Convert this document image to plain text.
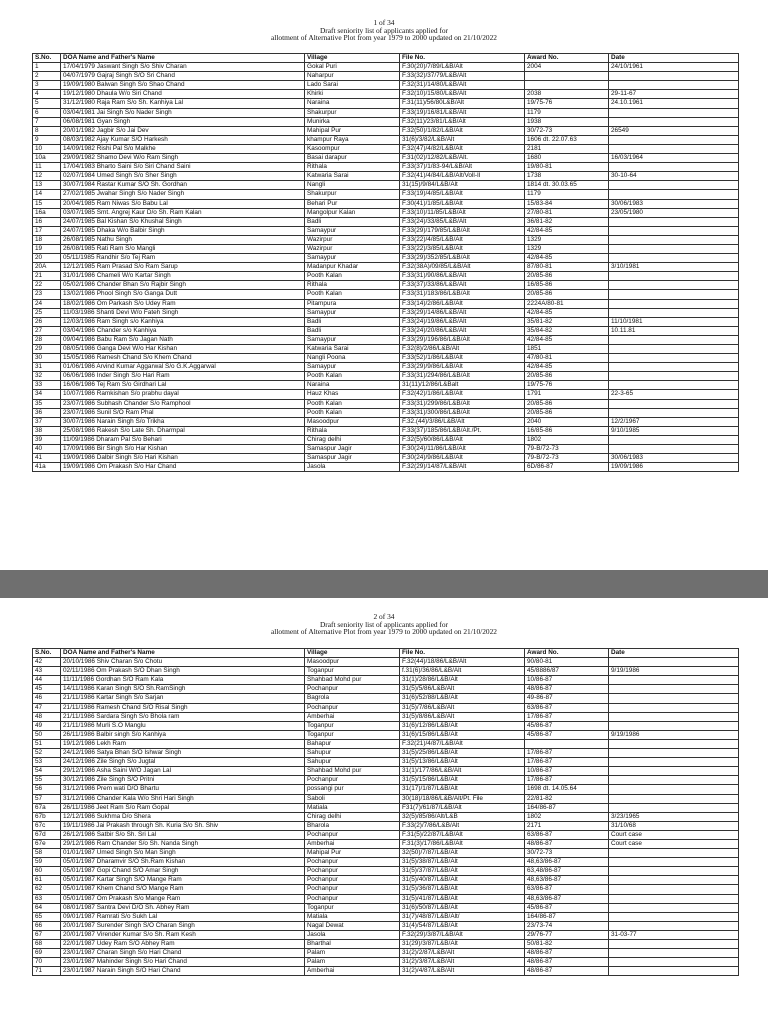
1 of 34
Draft seniority list of applicants applied for
allotment of Alternative Plot from year 1979 to 2000 updated on 21/10/2022
S.No.	DOA Name and Father's Name	Village	File No.	Award No.	Date
1	17/04/1979 Jaswant Singh S/o Shiv Charan	Gokal Puri	F.30(20)/7/89/L&B/Alt	2004	24/10/1961
2	04/07/1979 Gajraj Singh S/O Sri Chand	Naharpur	F.33(32)/37/79/L&B/Alt		
3	19/09/1980 Balwan Singh S/o Shao Chand	Lado Sarai	F.32(31)/14/80/L&B/Alt		
4	19/12/1980 Dhaula W/o Siri Chand	Khirki	F.32(10)/15/80/L&B/Alt	2038	29-11-67
5	31/12/1980 Raja Ram S/o Sh. Kanhiya Lal	Naraina	F.31(11)/56/80L&B/Alt	19/75-76	24.10.1961
6	03/04/1981 Jai Singh S/o Nader Singh	Shakurpur	F.33(19)/16/81/L&B/Alt	1179	
7	06/08/1981 Gyan Singh	Munirka	F.32(11)/23/81/L&B/Alt	1938	
8	20/01/1982 Jagbir S/o Jai Dev	Mahipal Pur	F.32(50)/1/82/L&B/Alt	30/72-73	26549
9	08/03/1982 Ajay Kumar S/O Harkesh	khampur Raya	31(6)/3/82/L&B/Alt	1606 dt. 22.07.63	
10	14/09/1982 Rishi Pal S/o Malkhe	Kasoompur	F.32(47)/4/82/L&B/Alt	2181	
10a	29/09/1982 Shamo Devi W/o Ram Singh	Basai darapur	F.31(02)/12/82/L&B/Alt.	1680	16/03/1964
11	17/04/1983 Bharto Saini S/o Siri Chand Saini	Rithala	F.33(37)/1/83-94/L&B/Alt	19/80-81	
12	02/07/1984 Umed Singh S/o Sher Singh	Katwaria Sarai	F.32(41)/4/84/L&B/Alt/Voll-II	1738	30-10-64
13	30/07/1984 Rastar Kumar S/O Sh. Gordhan	Nangli	31(15)/9/84/L&B/Alt	1814 dt. 30.03.65	
14	27/02/1985 Jwahar Singh S/o Nader Singh	Shakurpur	F.33(19)/4/85/L&B/Alt	1179	
15	20/04/1985 Ram Niwas S/o Babu Lal	Behari Pur	F.30(41)/1/85/L&B/Alt	15/83-84	30/06/1983
16a	03/07/1985 Smt. Angrej Kaur D/o Sh. Ram Kalan	Mangolpur Kalan	F.33(10)/11/85/L&B/Alt	27/80-81	23/05/1980
16	24/07/1985 Bal Kishan S/o Khushal Singh	Badli	F.33(24)/33/85/L&B/Alt	36/81-82	
17	24/07/1985 Dhaka W/o Balbir Singh	Samaypur	F.33(29)/179/85/L&B/Alt	42/84-85	
18	26/08/1985 Nathu Singh	Wazirpur	F.33(22)/4/85/L&B/Alt	1329	
19	26/08/1985 Rati Ram S/o Mangli	Wazirpur	F.33(22)/3/85/L&B/Alt	1329	
20	05/11/1985 Randhir S/o Tej Ram	Samaypur	F.33(29)/352/85/L&B/Alt	42/84-85	
20A	12/12/1985 Ram Prasad S/o Ram Sarup	Madanpur Khadar	F.32(38A)/09/85/L&B/Alt	87/80-81	3/10/1981
21	31/01/1986 Chameli W/o Kartar Singh	Pooth Kalan	F.33(31)/90/86/L&B/Alt	20/85-86	
22	05/02/1986 Chander Bhan S/o Rajbir Singh	Rithala	F.33(37)/33/86/L&B/Alt	16/85-86	
23	13/02/1986 Phool Singh S/o Ganga Dutt	Pooth Kalan	F.33(31)/183/86/L&B/Alt	20/85-86	
24	18/02/1986 Om Parkash S/o Udey Ram	Pitampura	F.33(14)/2/86/L&B/Alt	2224A/80-81	
25	11/03/1986 Shanti Devi W/o Fateh Singh	Samaypur	F.33(29)/14/86/L&B/Alt	42/84-85	
26	12/03/1986 Ram Singh s/o Kanhiya	Badli	F.33(24)/19/86/L&B/Alt	35/81-82	11/10/1981
27	03/04/1986 Chander s/o Kanhiya	Badli	F.33(24)/20/86/L&B/Alt	35/84-82	10.11.81
28	09/04/1986 Babu Ram S/o Jagan Nath	Samaypur	F.33(29)/196/86/L&B/Alt	42/84-85	
29	08/05/1986 Ganga Devi W/o Har Kishan	Katwaria Sarai	F.32(8)/2/86/L&B/Alt	1851	
30	15/05/1986 Ramesh Chand S/o Khem Chand	Nangli Poona	F.33(52)/1/86/L&B/Alt	47/80-81	
31	01/06/1986 Arvind Kumar Aggarwal S/o G.K.Aggarwal	Samaypur	F.33(29)/9/86/L&B/Alt	42/84-85	
32	06/06/1986 Inder Singh S/o Hari Ram	Pooth Kalan	F.33(31)/294/86/L&B/Alt	20/85-86	
33	16/06/1986 Tej Ram S/o Girdhari Lal	Naraina	31(11)/12/86/L&Balt	19/75-76	
34	10/07/1986 Ramkishan S/o prabhu dayal	Hauz Khas	F.32(42)/1/86/L&B/Alt	1791	22-3-65
35	23/07/1986 Subhash Chander S/o Ramphool	Pooth Kalan	F.33(31)/299/86/L&B/Alt	20/85-86	
36	23/07/1986 Sunil S/O Ram Phal	Pooth Kalan	F.33(31)/300/86/L&B/Alt	20/85-86	
37	30/07/1986 Narain Singh S/o Trikha	Masoodpur	F.32.(44)/3/86/L&B/Alt	2040	12/2/1967
38	25/08/1986 Rakesh S/o Late Sh. Dharmpal	Rithala	F.33(37)/185/86/L&B/Alt./Pt.	16/85-86	9/10/1985
39	11/09/1986 Dharam Pal S/o Behari	Chirag delhi	F.32(5)/60/86/L&B/Alt	1802	
40	17/09/1986 Bir Singh S/o Har Kishan	Samaspur Jagir	F.30(24)/11/86/L&B/Alt	79-B/72-73	
41	19/09/1986 Dalbir Singh S/o Hari Kishan	Samaspur Jagir	F.30(24)/9/86/L&B/Alt	79-B/72-73	30/06/1983
41a	19/09/1986 Om Prakash S/o Har Chand	Jasola	F.32(29)/14/87/L&B/Alt	6D/86-87	19/09/1986
2 of 34
Draft seniority list of applicants applied for
allotment of Alternative Plot from year 1979 to 2000 updated on 21/10/2022
S.No.	DOA Name and Father's Name	Village	File No.	Award No.	Date
42	20/10/1986 Shiv Charan S/o Chotu	Masoodpur	F.32(44)/18/86/L&B/Alt	90/80-81	
43	02/11/1986 Om Prakash S/O Dhan Singh	Toganpur	f.31(6)/36/86/L&B/Alt	45/8886/87	9/19/1986
44	11/11/1986 Gordhan S/O Ram Kala	Shahbad Mohd pur	31(1)/28/86/L&B/Alt	10/86-87	
45	14/11/1986 Karan Singh S/O Sh.RamSingh	Pochanpur	31(5)/5/86/L&B/Alt	48/86-87	
46	21/11/1986 Kartar Singh S/o Sarjan	Bagrola	31(6)/52/88/L&B/Alt	49-86-87	
47	21/11/1986 Ramesh Chand S/O Risal Singh	Pochanpur	31(5)/7/86/L&B/Alt	63/86-87	
48	21/11/1986 Sardara Singh S/o Bhola ram	Amberhai	31(5)/8/86/L&B/Alt	17/86-87	
49	21/11/1986 Murli S.O Manglu	Toganpur	31(6)/12/86/L&B/Alt	45/86-87	
50	26/11/1986 Balbir singh S/o Kanhiya	Toganpur	31(6)/15/86/L&B/Alt	45/86-87	9/19/1986
51	19/12/1986 Lekh Ram	Bahapur	F.32(21)/4/87/L&B/Alt		
52	24/12/1986 Satya Bhan S/O Ishwar Singh	Sahupur	31(5)/25/86/L&B/Alt	17/86-87	
53	24/12/1986 Zile Singh S/o Jugtal	Sahupur	31(5)/13/86/L&B/Alt	17/86-87	
54	29/12/1986 Asha Saini W/O Jagan Lal	Shahbad Mohd pur	31(1)/177/86/L&B/Alt	10/86-87	
55	30/12/1986 Zile Singh S/O Pritni	Pochanpur	31(5)/15/86/L&B/Alt	17/86-87	
56	31/12/1986 Prem wati D/O Bhartu	possangi pur	31(17)/1/87/L&B/Alt	1698 dt. 14.05.64	
57	31/12/1986 Chander Kala W/o Shri Hari Singh	Saboli	30(18)/18/86/L&B/Alt/Pt. File	22/81-82	
67a	26/11/1986 Jeet Ram S/o Ram Gopal	Matiala	F31(7)/61/87/L&B/Alt	164/86-87	
67b	12/12/1986 Sukhma D/o Shera	Chirag delhi	32(5)/85/86/Alt/L&B	1802	3/23/1965
67c	19/11/1986 Jai Prakash through Sh. Kuria S/o Sh. Shiv	Bharola	F.33(2)/7/86/L&B/Alt	2171	31/10/68
67d	26/12/1986 Satbir S/o Sh. Sri Lal	Pochanpur	F.31(5)/22/87/L&B/Alt	63/86-87	Court case
67e	29/12/1986 Ram Chander S/o Sh. Nanda Singh	Amberhai	F.31(3)/17/86/L&B/Alt	48/86-87	Court case
58	01/01/1987 Umed Singh S/o Man Singh	Mahipal Pur	32(50)/7/87/L&B/Alt	30/72-73	
59	05/01/1987 Dharamvir S/O Sh.Ram Kishan	Pochanpur	31(5)/38/87/L&B/Alt	48,63/86-87	
60	05/01/1987 Gopi Chand S/O Amar Singh	Pochanpur	31(5)/37/87/L&B/Alt	63,48/86-87	
61	05/01/1987 Kartar Singh S/O Mange Ram	Pochanpur	31(5)/40/87/L&B/Alt	48,63/86-87	
62	05/01/1987 Khem Chand S/O Mange Ram	Pochanpur	31(5)/36/87/L&B/Alt	63/86-87	
63	05/01/1987 Om Prakash S/o Mange Ram	Pochanpur	31(5)/41/87/L&B/Alt	48,63/86-87	
64	08/01/1987 Santra Devi D/O Sh. Abhey Ram	Toganpur	31(6)/50/87/L&B/Alt	45/86-87	
65	09/01/1987 Ramrati S/o Sukh Lal	Matiala	31(7)/48/87/L&B/Alt/	164/86-87	
66	20/01/1987 Surender Singh S/O Charan Singh	Nagal Dewat	31(4)/54/87/L&B/Alt	23/73-74	
67	20/01/1987 Virender Kumar S/o Sh. Ram Kesh	Jasola	F.32(29)/3/87/L&B/Alt	29/76-77	31-03-77
68	22/01/1987 Udey Ram S/O Abhey Ram	Bharthal	31(29)/3/87/L&B/Alt	50/81-82	
69	23/01/1987 Charan Singh S/o Hari Chand	Palam	31(2)/2/87/L&B/Alt	48/86-87	
70	23/01/1987 Mahinder Singh S/o Hari Chand	Palam	31(2)/3/87/L&B/Alt	48/86-87	
71	23/01/1987 Narain Singh S/O Hari Chand	Amberhai	31(2)/4/87/L&B/Alt	48/86-87	
